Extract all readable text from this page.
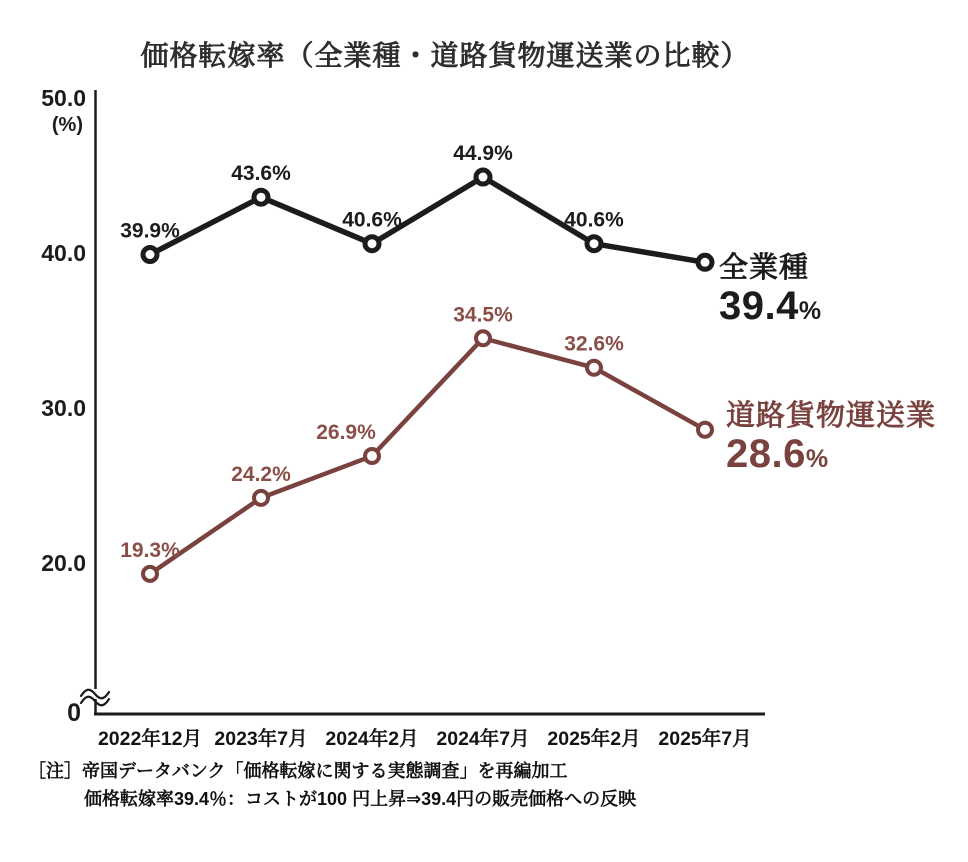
価格転嫁率（全業種・道路貨物運送業の比較）
50.0
40.0
30.0
20.0
(%)
0
2022年12月 2023年7月 2024年2月 2024年7月 2025年2月 2025年7月
39.9%
43.6%
40.6%
44.9%
40.6%
19.3%
24.2%
26.9%
34.5%
32.6%
全業種
39.4%
道路貨物運送業
28.6%
［注］帝国データバンク「価格転嫁に関する実態調査」を再編加工
価格転嫁率39.4％：コストが100 円上昇⇒39.4円の販売価格への反映
